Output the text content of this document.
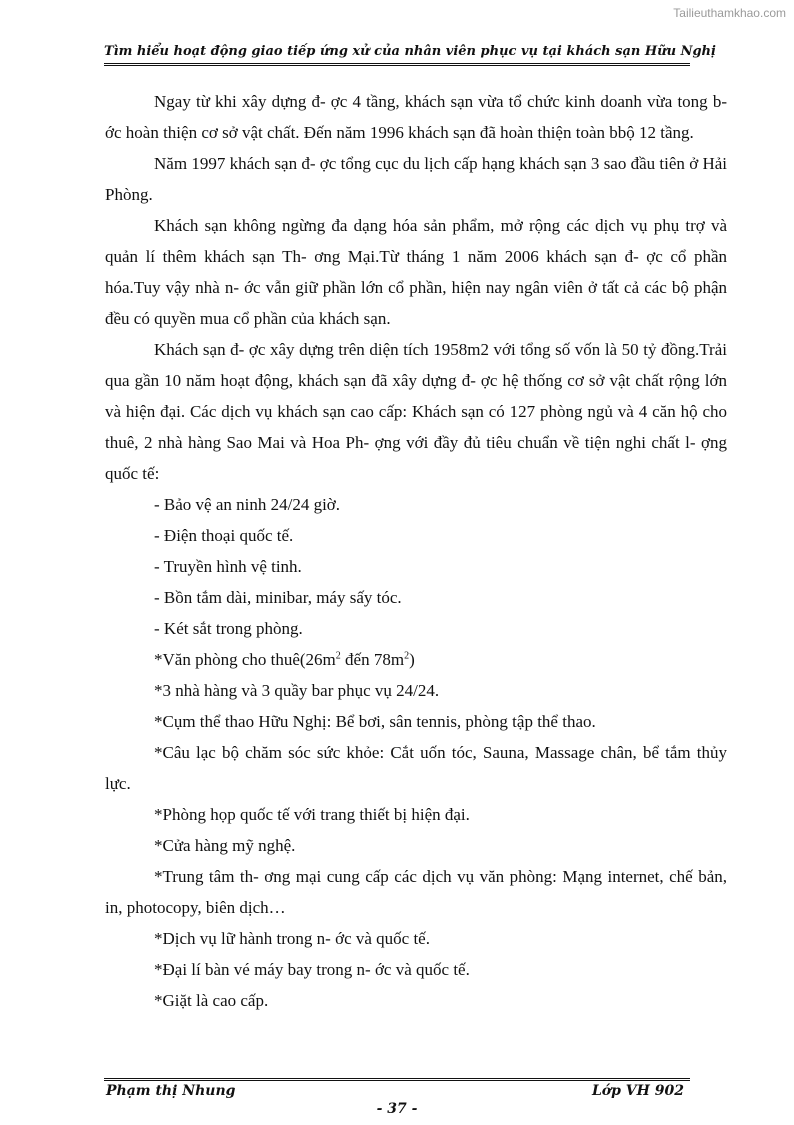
Tailieuthamkhao.com
Tìm hiểu hoạt động giao tiếp ứng xử của nhân viên phục vụ tại khách sạn Hữu Nghị

Ngay từ khi xây dựng đ- ợc 4 tầng, khách sạn vừa tổ chức kinh doanh vừa tong b- ớc hoàn thiện cơ sở vật chất. Đến năm 1996 khách sạn đã hoàn thiện toàn bbộ 12 tầng.

Năm 1997 khách sạn đ- ợc tổng cục du lịch cấp hạng khách sạn 3 sao đầu tiên ở Hải Phòng.

Khách sạn không ngừng đa dạng hóa sản phẩm, mở rộng các dịch vụ phụ trợ và quản lí thêm khách sạn Th- ơng Mại.Từ tháng 1 năm 2006 khách sạn đ- ợc cổ phần hóa.Tuy vậy nhà n- ớc vẫn giữ phần lớn cổ phần, hiện nay ngân viên ở tất cả các bộ phận đều có quyền mua cổ phần của khách sạn.

Khách sạn đ- ợc xây dựng trên diện tích 1958m2 với tổng số vốn là 50 tỷ đồng.Trải qua gần 10 năm hoạt động, khách sạn đã xây dựng đ- ợc hệ thống cơ sở vật chất rộng lớn và hiện đại. Các dịch vụ khách sạn cao cấp: Khách sạn có 127 phòng ngủ và 4 căn hộ cho thuê, 2 nhà hàng Sao Mai và Hoa Ph- ợng với đầy đủ tiêu chuẩn về tiện nghi chất l- ợng quốc tế:

- Bảo vệ an ninh 24/24 giờ.

- Điện thoại quốc tế.

- Truyền hình vệ tinh.

- Bồn tắm dài, minibar, máy sấy tóc.

- Két sắt trong phòng.

*Văn phòng cho $thuê(26m^2$ đến $78m^2$)

*3 nhà hàng và 3 quầy bar phục vụ 24/24.

*Cụm thể thao Hữu Nghị: Bể bơi, sân tennis, phòng tập thể thao.

*Câu lạc bộ chăm sóc sức khỏe: Cắt uốn tóc, Sauna, Massage chân, bể tắm thủy lực.

*Phòng họp quốc tế với trang thiết bị hiện đại.

*Cửa hàng mỹ nghệ.

*Trung tâm th- ơng mại cung cấp các dịch vụ văn phòng: Mạng internet, chế bản, in, photocopy, biên dịch…

*Dịch vụ lữ hành trong n- ớc và quốc tế.

*Đại lí bàn vé máy bay trong n- ớc và quốc tế.

*Giặt là cao cấp.

Phạm thị Nhung	Lớp VH 902
- 37 -
